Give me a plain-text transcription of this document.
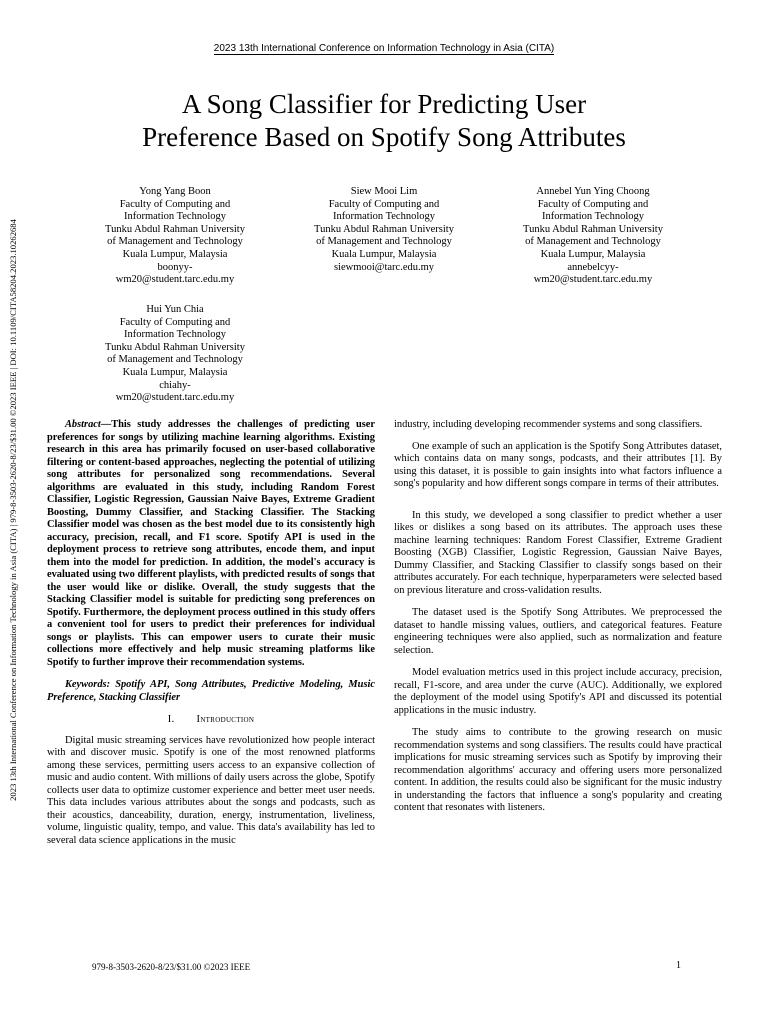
2023 13th International Conference on Information Technology in Asia (CITA)
2023 13th International Conference on Information Technology in Asia (CITA) | 979-8-3503-2620-8/23/$31.00 ©2023 IEEE | DOI: 10.1109/CITA58204.2023.10262684
A Song Classifier for Predicting User
Preference Based on Spotify Song Attributes
Yong Yang Boon
Faculty of Computing and
Information Technology
Tunku Abdul Rahman University
of Management and Technology
Kuala Lumpur, Malaysia
boonyy-
wm20@student.tarc.edu.my
Siew Mooi Lim
Faculty of Computing and
Information Technology
Tunku Abdul Rahman University
of Management and Technology
Kuala Lumpur, Malaysia
siewmooi@tarc.edu.my
Annebel Yun Ying Choong
Faculty of Computing and
Information Technology
Tunku Abdul Rahman University
of Management and Technology
Kuala Lumpur, Malaysia
annebelcyy-
wm20@student.tarc.edu.my
Hui Yun Chia
Faculty of Computing and
Information Technology
Tunku Abdul Rahman University
of Management and Technology
Kuala Lumpur, Malaysia
chiahy-
wm20@student.tarc.edu.my

Abstract—This study addresses the challenges of predicting user preferences for songs by utilizing machine learning algorithms. Existing research in this area has primarily focused on user-based collaborative filtering or content-based approaches, neglecting the potential of utilizing song attributes for personalized song recommendations. Several algorithms are evaluated in this study, including Random Forest Classifier, Logistic Regression, Gaussian Naive Bayes, Extreme Gradient Boosting, Dummy Classifier, and Stacking Classifier. The Stacking Classifier model was chosen as the best model due to its consistently high accuracy, precision, recall, and F1 score. Spotify API is used in the deployment process to retrieve song attributes, encode them, and input them into the model for prediction. In addition, the model's accuracy is evaluated using two different playlists, with predicted results of songs that the user would like or dislike. Overall, the study suggests that the Stacking Classifier model is suitable for predicting song preferences on Spotify. Furthermore, the deployment process outlined in this study offers a convenient tool for users to predict their preferences for individual songs or playlists. This can empower users to curate their music collections more effectively and help music streaming platforms like Spotify to further improve their recommendation systems.

Keywords: Spotify API, Song Attributes, Predictive Modeling, Music Preference, Stacking Classifier

I. Introduction

Digital music streaming services have revolutionized how people interact with and discover music. Spotify is one of the most renowned platforms among these services, permitting users access to an expansive collection of music and audio content. With millions of daily users across the globe, Spotify collects user data to optimize customer experience and better meet user needs. This data includes various attributes about the songs and podcasts, such as their acoustics, danceability, duration, energy, instrumentation, liveliness, volume, linguistic quality, tempo, and value. This data's availability has led to several data science applications in the music

industry, including developing recommender systems and song classifiers.

One example of such an application is the Spotify Song Attributes dataset, which contains data on many songs, podcasts, and their attributes [1]. By using this dataset, it is possible to gain insights into what factors influence a song's popularity and how different songs compare in terms of their attributes.

In this study, we developed a song classifier to predict whether a user likes or dislikes a song based on its attributes. The approach uses these machine learning techniques: Random Forest Classifier, Extreme Gradient Boosting (XGB) Classifier, Logistic Regression, Gaussian Naive Bayes, Dummy Classifier, and Stacking Classifier to classify songs based on their attributes accurately. For each technique, hyperparameters were selected based on previous literature and cross-validation results.

The dataset used is the Spotify Song Attributes. We preprocessed the dataset to handle missing values, outliers, and categorical features. Feature engineering techniques were also applied, such as normalization and feature selection.

Model evaluation metrics used in this project include accuracy, precision, recall, F1-score, and area under the curve (AUC). Additionally, we explored the deployment of the model using Spotify's API and discussed its potential applications in the music industry.

The study aims to contribute to the growing research on music recommendation systems and song classifiers. The results could have practical implications for music streaming services such as Spotify by improving their recommendation algorithms' accuracy and offering users more personalized content. In addition, the results could also be significant for the music industry in understanding the factors that influence a song's popularity and creating content that resonates with listeners.

979-8-3503-2620-8/23/$31.00 ©2023 IEEE	1
